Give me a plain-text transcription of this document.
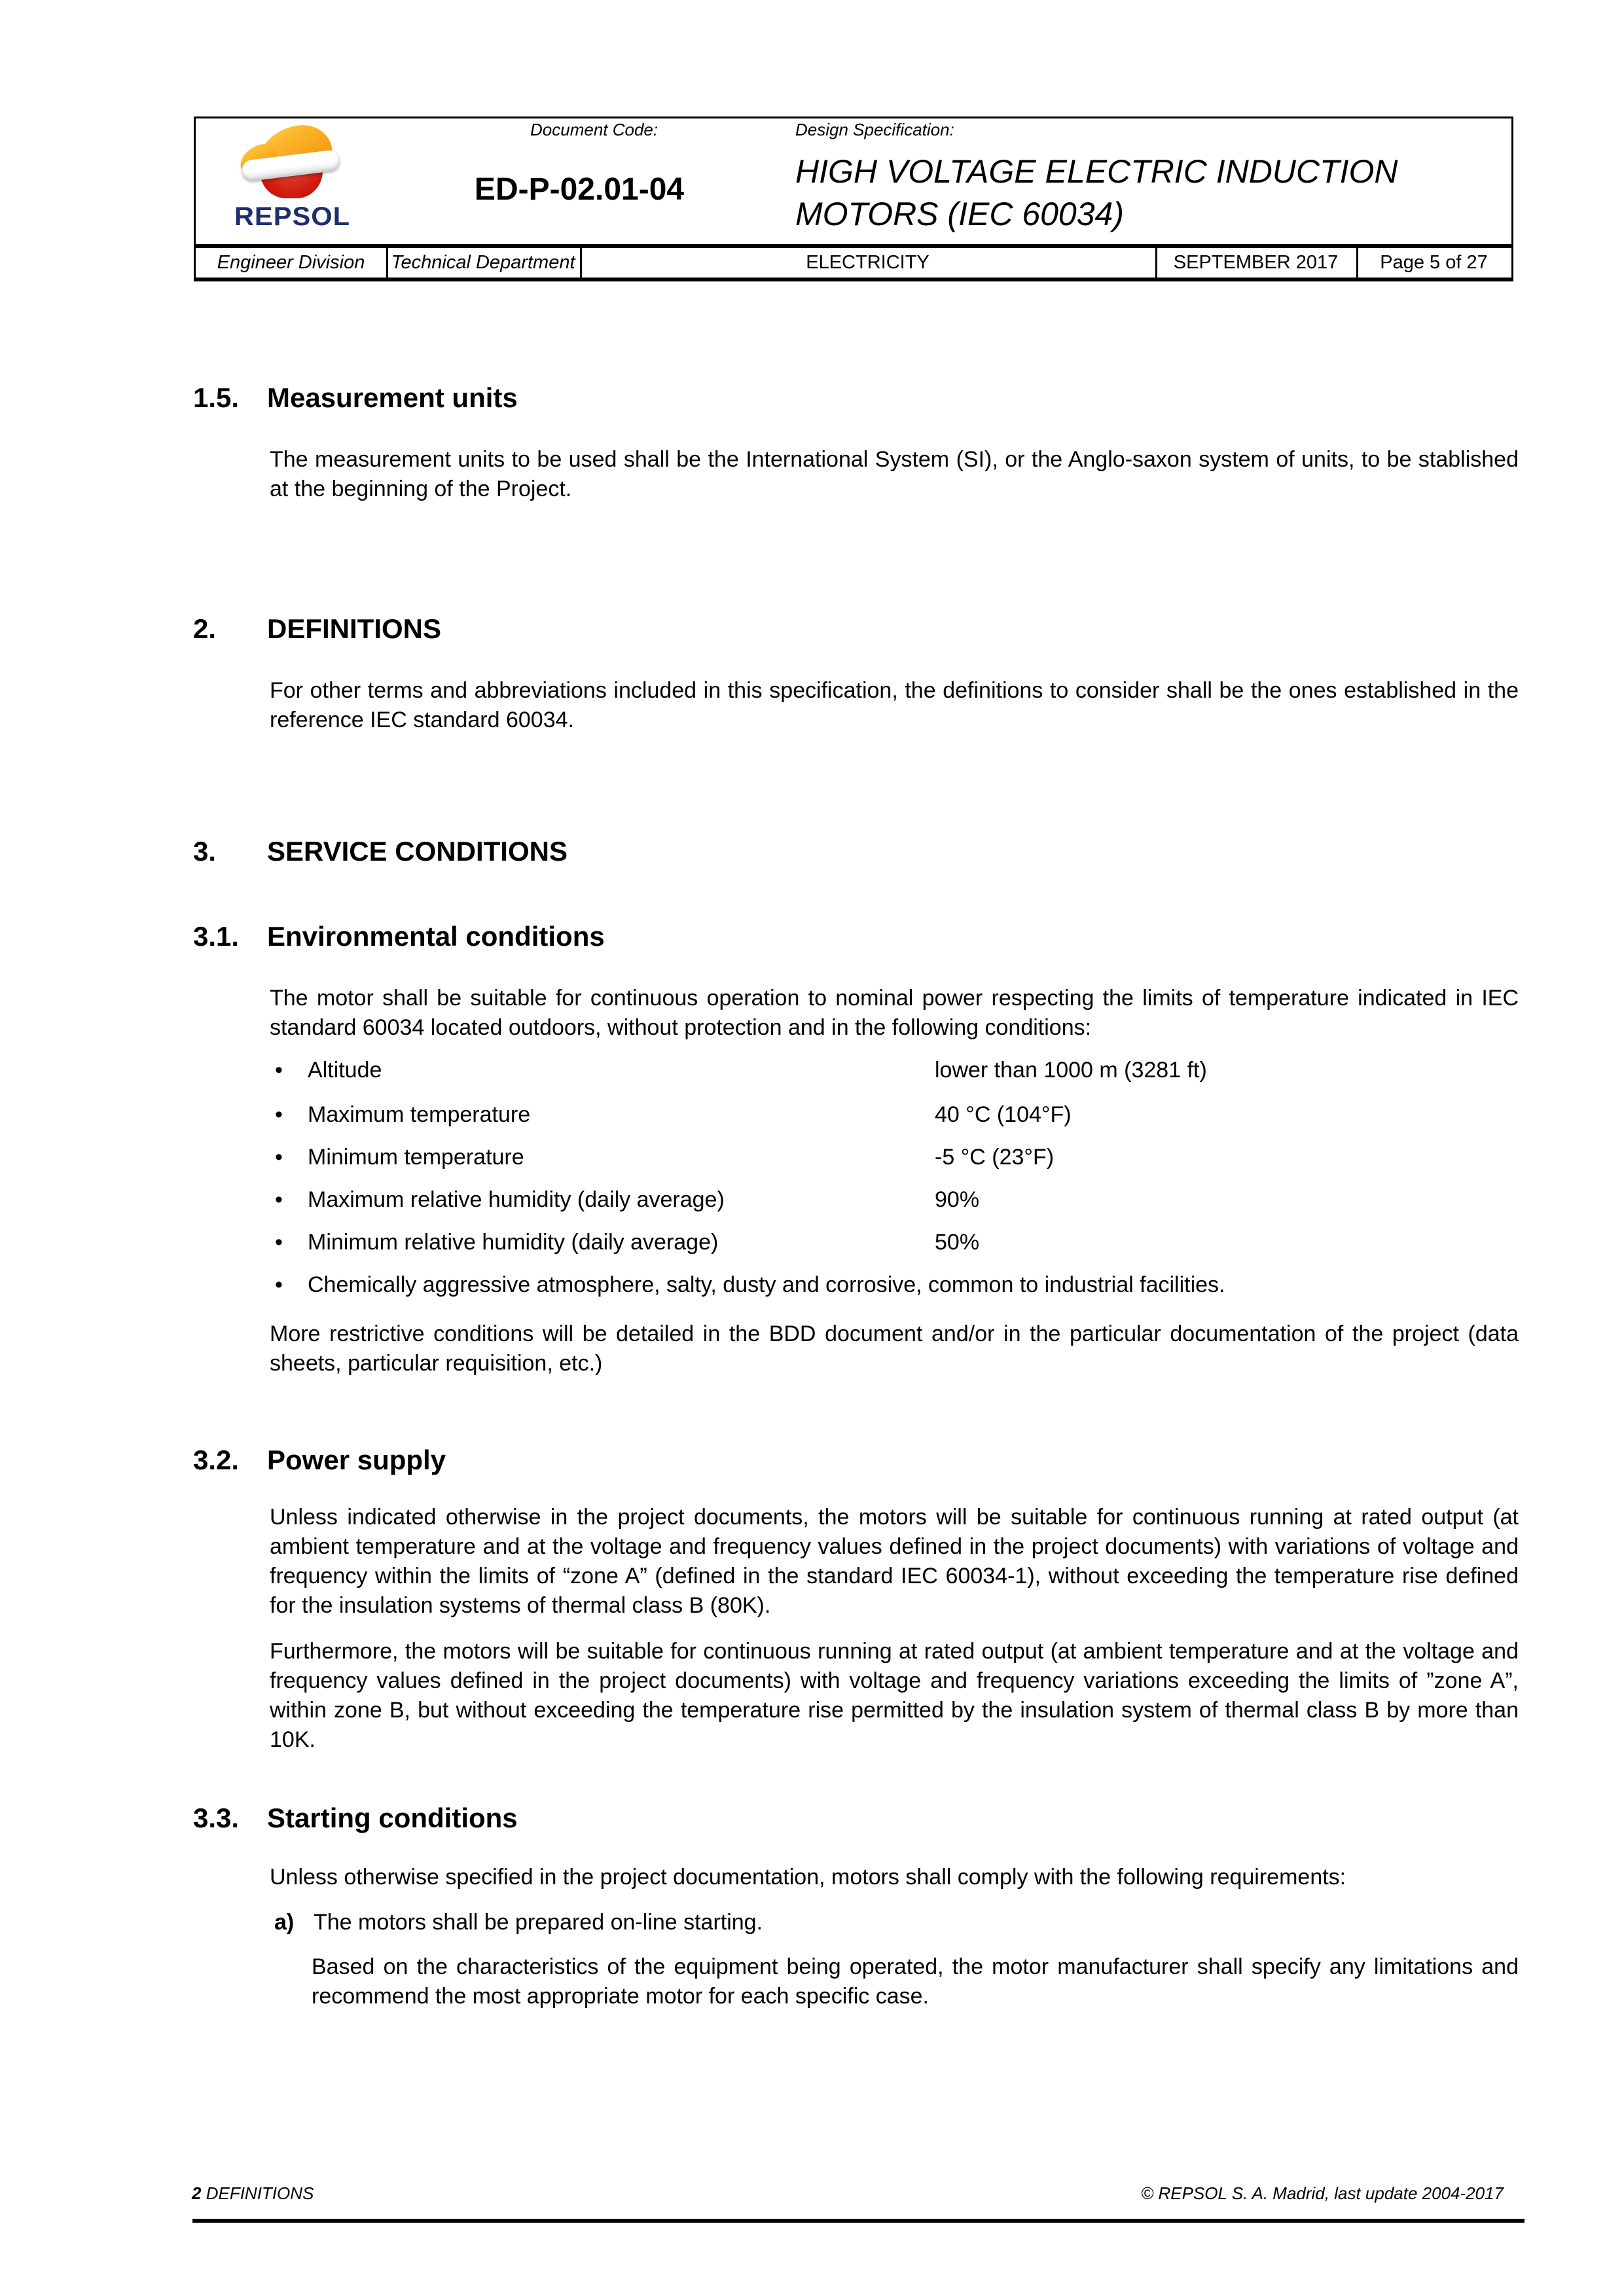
REPSOL
Document Code:
ED-P-02.01-04
Design Specification:
HIGH VOLTAGE ELECTRIC INDUCTION MOTORS (IEC 60034)
Engineer Division	Technical Department	ELECTRICITY	SEPTEMBER 2017	Page 5 of 27
1.5.	Measurement units
The measurement units to be used shall be the International System (SI), or the Anglo-saxon system of units, to be stablished at the beginning of the Project.
2.	DEFINITIONS
For other terms and abbreviations included in this specification, the definitions to consider shall be the ones established in the reference IEC standard 60034.
3.	SERVICE CONDITIONS
3.1.	Environmental conditions
The motor shall be suitable for continuous operation to nominal power respecting the limits of temperature indicated in IEC standard 60034 located outdoors, without protection and in the following conditions:
•	Altitude	lower than 1000 m (3281 ft)
•	Maximum temperature	40 °C (104°F)
•	Minimum temperature	-5 °C (23°F)
•	Maximum relative humidity (daily average)	90%
•	Minimum relative humidity (daily average)	50%
•	Chemically aggressive atmosphere, salty, dusty and corrosive, common to industrial facilities.
More restrictive conditions will be detailed in the BDD document and/or in the particular documentation of the project (data sheets, particular requisition, etc.)
3.2.	Power supply
Unless indicated otherwise in the project documents, the motors will be suitable for continuous running at rated output (at ambient temperature and at the voltage and frequency values defined in the project documents) with variations of voltage and frequency within the limits of “zone A” (defined in the standard IEC 60034-1), without exceeding the temperature rise defined for the insulation systems of thermal class B (80K).
Furthermore, the motors will be suitable for continuous running at rated output (at ambient temperature and at the voltage and frequency values defined in the project documents) with voltage and frequency variations exceeding the limits of ”zone A”, within zone B, but without exceeding the temperature rise permitted by the insulation system of thermal class B by more than 10K.
3.3.	Starting conditions
Unless otherwise specified in the project documentation, motors shall comply with the following requirements:
a) The motors shall be prepared on-line starting.
Based on the characteristics of the equipment being operated, the motor manufacturer shall specify any limitations and recommend the most appropriate motor for each specific case.
2 DEFINITIONS	© REPSOL S. A. Madrid, last update 2004-2017
